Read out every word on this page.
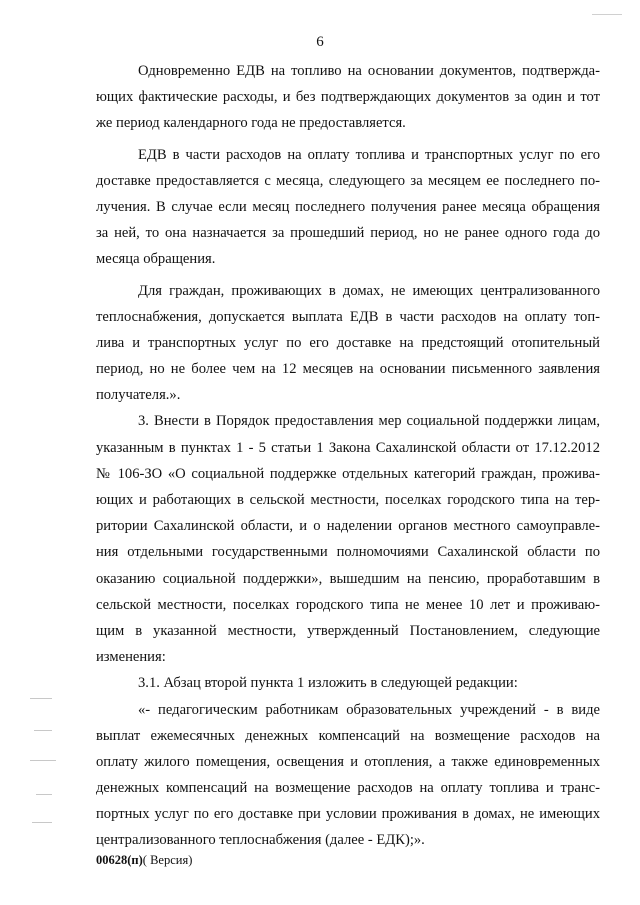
6
Одновременно ЕДВ на топливо на основании документов, подтвержда-
ющих фактические расходы, и без подтверждающих документов за один и тот
же период календарного года не предоставляется.
ЕДВ в части расходов на оплату топлива и транспортных услуг по его
доставке предоставляется с месяца, следующего за месяцем ее последнего по-
лучения. В случае если месяц последнего получения ранее месяца обращения
за ней, то она назначается за прошедший период, но не ранее одного года до
месяца обращения.
Для граждан, проживающих в домах, не имеющих централизованного
теплоснабжения, допускается выплата ЕДВ в части расходов на оплату топ-
лива и транспортных услуг по его доставке на предстоящий отопительный
период, но не более чем на 12 месяцев на основании письменного заявления
получателя.».
3. Внести в Порядок предоставления мер социальной поддержки лицам,
указанным в пунктах 1 - 5 статьи 1 Закона Сахалинской области от 17.12.2012
№ 106-ЗО «О социальной поддержке отдельных категорий граждан, прожива-
ющих и работающих в сельской местности, поселках городского типа на тер-
ритории Сахалинской области, и о наделении органов местного самоуправле-
ния отдельными государственными полномочиями Сахалинской области по
оказанию социальной поддержки», вышедшим на пенсию, проработавшим в
сельской местности, поселках городского типа не менее 10 лет и проживаю-
щим в указанной местности, утвержденный Постановлением, следующие
изменения:
3.1. Абзац второй пункта 1 изложить в следующей редакции:
«- педагогическим работникам образовательных учреждений - в виде
выплат ежемесячных денежных компенсаций на возмещение расходов на
оплату жилого помещения, освещения и отопления, а также единовременных
денежных компенсаций на возмещение расходов на оплату топлива и транс-
портных услуг по его доставке при условии проживания в домах, не имеющих
централизованного теплоснабжения (далее - ЕДК);».
00628(п)( Версия)
